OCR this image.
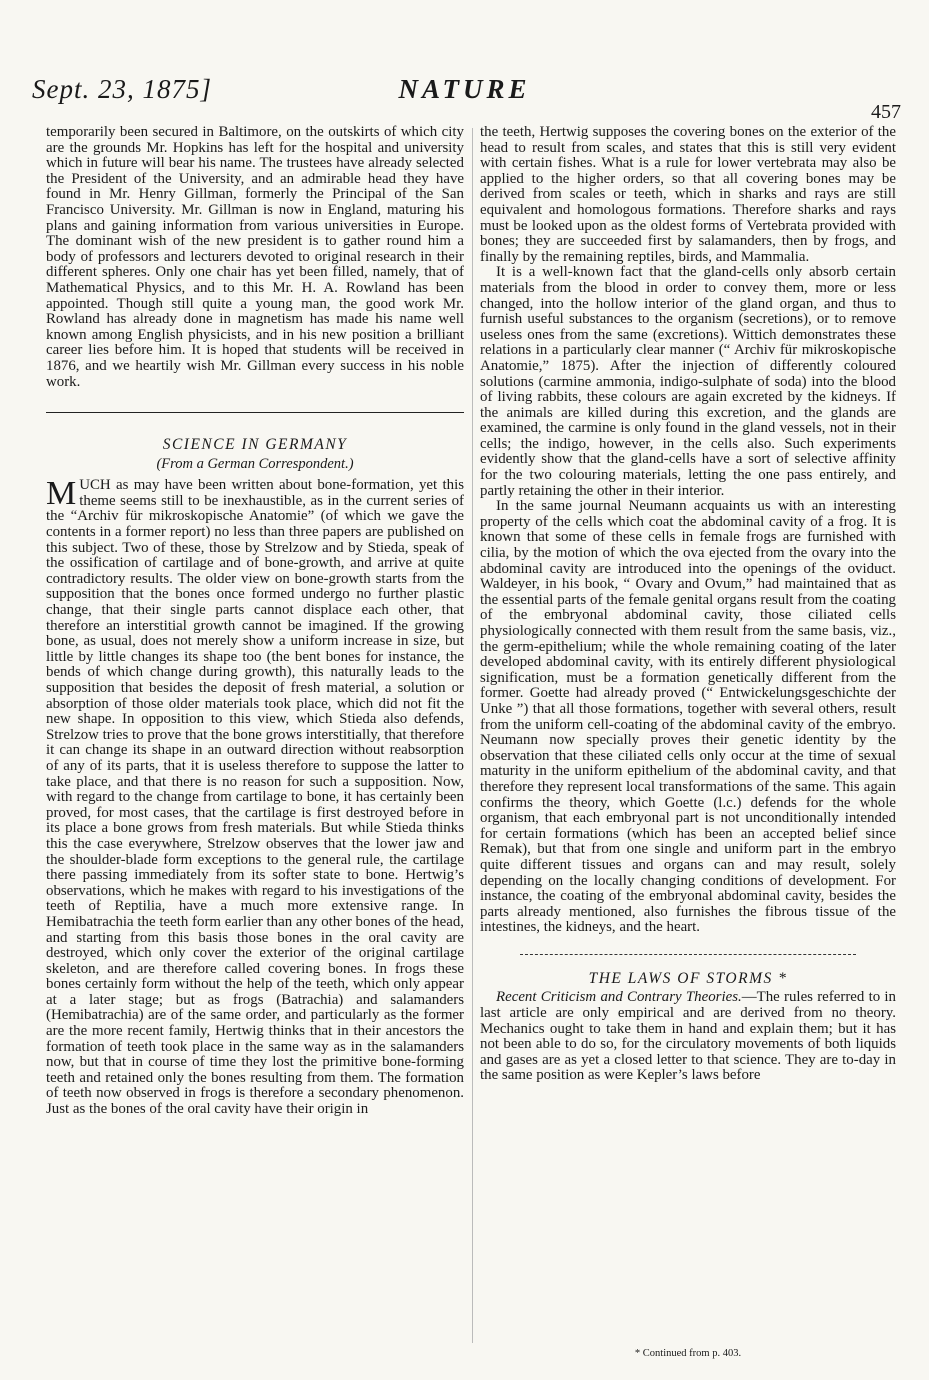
Sept. 23, 1875]	NATURE
457

temporarily been secured in Baltimore, on the outskirts of which city are the grounds Mr. Hopkins has left for the hospital and university which in future will bear his name. The trustees have already selected the President of the University, and an admirable head they have found in Mr. Henry Gillman, formerly the Principal of the San Francisco University. Mr. Gillman is now in England, maturing his plans and gaining information from various universities in Europe. The dominant wish of the new president is to gather round him a body of professors and lecturers devoted to original research in their different spheres. Only one chair has yet been filled, namely, that of Mathematical Physics, and to this Mr. H. A. Rowland has been appointed. Though still quite a young man, the good work Mr. Rowland has already done in magnetism has made his name well known among English physicists, and in his new position a brilliant career lies before him. It is hoped that students will be received in 1876, and we heartily wish Mr. Gillman every success in his noble work.

SCIENCE IN GERMANY
(From a German Correspondent.)

MUCH as may have been written about bone-formation, yet this theme seems still to be inexhaustible, as in the current series of the “Archiv für mikroskopische Anatomie” (of which we gave the contents in a former report) no less than three papers are published on this subject. Two of these, those by Strelzow and by Stieda, speak of the ossification of cartilage and of bone-growth, and arrive at quite contradictory results. The older view on bone-growth starts from the supposition that the bones once formed undergo no further plastic change, that their single parts cannot displace each other, that therefore an interstitial growth cannot be imagined. If the growing bone, as usual, does not merely show a uniform increase in size, but little by little changes its shape too (the bent bones for instance, the bends of which change during growth), this naturally leads to the supposition that besides the deposit of fresh material, a solution or absorption of those older materials took place, which did not fit the new shape. In opposition to this view, which Stieda also defends, Strelzow tries to prove that the bone grows interstitially, that therefore it can change its shape in an outward direction without reabsorption of any of its parts, that it is useless therefore to suppose the latter to take place, and that there is no reason for such a supposition. Now, with regard to the change from cartilage to bone, it has certainly been proved, for most cases, that the cartilage is first destroyed before in its place a bone grows from fresh materials. But while Stieda thinks this the case everywhere, Strelzow observes that the lower jaw and the shoulder-blade form exceptions to the general rule, the cartilage there passing immediately from its softer state to bone. Hertwig’s observations, which he makes with regard to his investigations of the teeth of Reptilia, have a much more extensive range. In Hemibatrachia the teeth form earlier than any other bones of the head, and starting from this basis those bones in the oral cavity are destroyed, which only cover the exterior of the original cartilage skeleton, and are therefore called covering bones. In frogs these bones certainly form without the help of the teeth, which only appear at a later stage; but as frogs (Batrachia) and salamanders (Hemibatrachia) are of the same order, and particularly as the former are the more recent family, Hertwig thinks that in their ancestors the formation of teeth took place in the same way as in the salamanders now, but that in course of time they lost the primitive bone-forming teeth and retained only the bones resulting from them. The formation of teeth now observed in frogs is therefore a secondary phenomenon. Just as the bones of the oral cavity have their origin in

the teeth, Hertwig supposes the covering bones on the exterior of the head to result from scales, and states that this is still very evident with certain fishes. What is a rule for lower vertebrata may also be applied to the higher orders, so that all covering bones may be derived from scales or teeth, which in sharks and rays are still equivalent and homologous formations. Therefore sharks and rays must be looked upon as the oldest forms of Vertebrata provided with bones; they are succeeded first by salamanders, then by frogs, and finally by the remaining reptiles, birds, and Mammalia.

It is a well-known fact that the gland-cells only absorb certain materials from the blood in order to convey them, more or less changed, into the hollow interior of the gland organ, and thus to furnish useful substances to the organism (secretions), or to remove useless ones from the same (excretions). Wittich demonstrates these relations in a particularly clear manner (“ Archiv für mikroskopische Anatomie,” 1875). After the injection of differently coloured solutions (carmine ammonia, indigo-sulphate of soda) into the blood of living rabbits, these colours are again excreted by the kidneys. If the animals are killed during this excretion, and the glands are examined, the carmine is only found in the gland vessels, not in their cells; the indigo, however, in the cells also. Such experiments evidently show that the gland-cells have a sort of selective affinity for the two colouring materials, letting the one pass entirely, and partly retaining the other in their interior.

In the same journal Neumann acquaints us with an interesting property of the cells which coat the abdominal cavity of a frog. It is known that some of these cells in female frogs are furnished with cilia, by the motion of which the ova ejected from the ovary into the abdominal cavity are introduced into the openings of the oviduct. Waldeyer, in his book, “ Ovary and Ovum,” had maintained that as the essential parts of the female genital organs result from the coating of the embryonal abdominal cavity, those ciliated cells physiologically connected with them result from the same basis, viz., the germ-epithelium; while the whole remaining coating of the later developed abdominal cavity, with its entirely different physiological signification, must be a formation genetically different from the former. Goette had already proved (“ Entwickelungsgeschichte der Unke ”) that all those formations, together with several others, result from the uniform cell-coating of the abdominal cavity of the embryo. Neumann now specially proves their genetic identity by the observation that these ciliated cells only occur at the time of sexual maturity in the uniform epithelium of the abdominal cavity, and that therefore they represent local transformations of the same. This again confirms the theory, which Goette (l.c.) defends for the whole organism, that each embryonal part is not unconditionally intended for certain formations (which has been an accepted belief since Remak), but that from one single and uniform part in the embryo quite different tissues and organs can and may result, solely depending on the locally changing conditions of development. For instance, the coating of the embryonal abdominal cavity, besides the parts already mentioned, also furnishes the fibrous tissue of the intestines, the kidneys, and the heart.

THE LAWS OF STORMS *

Recent Criticism and Contrary Theories.—The rules referred to in last article are only empirical and are derived from no theory. Mechanics ought to take them in hand and explain them; but it has not been able to do so, for the circulatory movements of both liquids and gases are as yet a closed letter to that science. They are to-day in the same position as were Kepler’s laws before

* Continued from p. 403.
